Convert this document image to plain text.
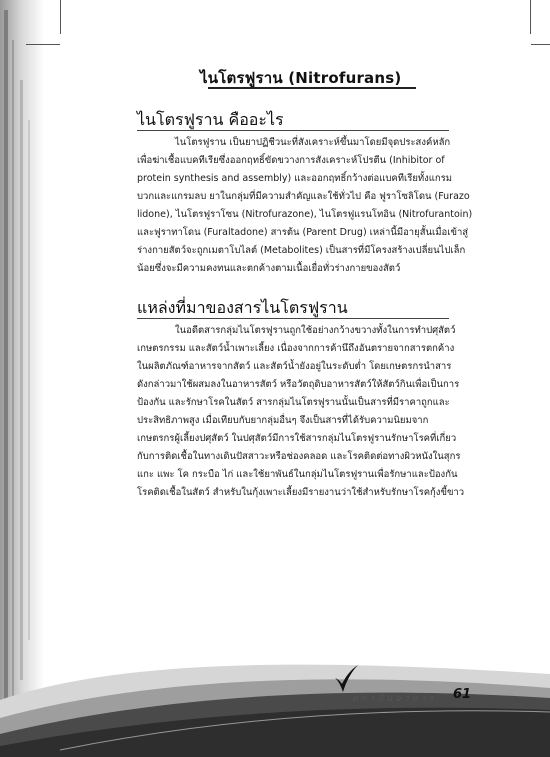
ไนโตรฟูราน (Nitrofurans)
ไนโตรฟูราน คืออะไร
ไนโตรฟูราน เป็นยาปฏิชีวนะที่สังเคราะห์ขึ้นมาโดยมีจุดประสงค์หลัก
เพื่อฆ่าเชื้อแบคทีเรียซึ่งออกฤทธิ์ขัดขวางการสังเคราะห์โปรตีน (Inhibitor of
protein synthesis and assembly) และออกฤทธิ์กว้างต่อแบคทีเรียทั้งแกรม
บวกและแกรมลบ ยาในกลุ่มที่มีความสำคัญและใช้ทั่วไป คือ ฟูราโซลิโดน (Furazo
lidone), ไนโตรฟูราโซน (Nitrofurazone), ไนโตรฟูแรนโทอิน (Nitrofurantoin)
และฟูราทาโดน (Furaltadone) สารต้น (Parent Drug) เหล่านี้มีอายุสั้นเมื่อเข้าสู่
ร่างกายสัตว์จะถูกเมตาโบไลต์ (Metabolites) เป็นสารที่มีโครงสร้างเปลี่ยนไปเล็ก
น้อยซึ่งจะมีความคงทนและตกค้างตามเนื้อเยื่อทั่วร่างกายของสัตว์
แหล่งที่มาของสารไนโตรฟูราน
ในอดีตสารกลุ่มไนโตรฟูรานถูกใช้อย่างกว้างขวางทั้งในการทำปศุสัตว์
เกษตรกรรม และสัตว์น้ำเพาะเลี้ยง เนื่องจากการค้านึถึงอันตรายจากสารตกค้าง
ในผลิตภัณฑ์อาหารจากสัตว์ และสัตว์น้ำยังอยู่ในระดับต่ำ โดยเกษตรกรนำสาร
ดังกล่าวมาใช้ผสมลงในอาหารสัตว์ หรือวัตถุดิบอาหารสัตว์ให้สัตว์กินเพื่อเป็นการ
ป้องกัน และรักษาโรคในสัตว์ สารกลุ่มไนโตรฟูรานนั้นเป็นสารที่มีราคาถูกและ
ประสิทธิภาพสูง เมื่อเทียบกับยากลุ่มอื่นๆ จึงเป็นสารที่ได้รับความนิยมจาก
เกษตรกรผู้เลี้ยงปศุสัตว์ ในปศุสัตว์มีการใช้สารกลุ่มไนโตรฟูรานรักษาโรคที่เกี่ยว
กับการติดเชื้อในทางเดินปัสสาวะหรือช่องคลอด และโรคติดต่อทางผิวหนังในสุกร
แกะ แพะ โค กระบือ ไก่ และใช้ยาพันธ์ในกลุ่มไนโตรฟูรานเพื่อรักษาและป้องกัน
โรคติดเชื้อในสัตว์ สำหรับในกุ้งเพาะเลี้ยงมีรายงานว่าใช้สำหรับรักษาโรคกุ้งขี้ขาว
ดกาปันอาหาร 61
